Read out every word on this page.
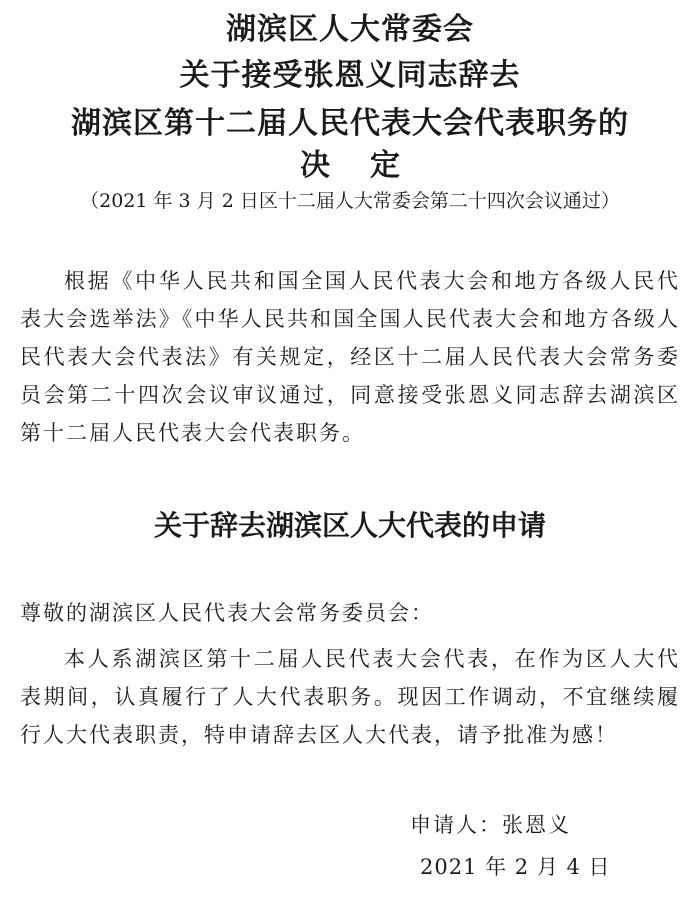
湖滨区人大常委会
关于接受张恩义同志辞去
湖滨区第十二届人民代表大会代表职务的
决定
（2021 年 3 月 2 日区十二届人大常委会第二十四次会议通过）
根据《中华人民共和国全国人民代表大会和地方各级人民代表大会选举法》《中华人民共和国全国人民代表大会和地方各级人民代表大会代表法》有关规定，经区十二届人民代表大会常务委员会第二十四次会议审议通过，同意接受张恩义同志辞去湖滨区第十二届人民代表大会代表职务。
关于辞去湖滨区人大代表的申请
尊敬的湖滨区人民代表大会常务委员会：
本人系湖滨区第十二届人民代表大会代表，在作为区人大代表期间，认真履行了人大代表职务。现因工作调动，不宜继续履行人大代表职责，特申请辞去区人大代表，请予批准为感！
申请人：张恩义
2021 年 2 月 4 日
